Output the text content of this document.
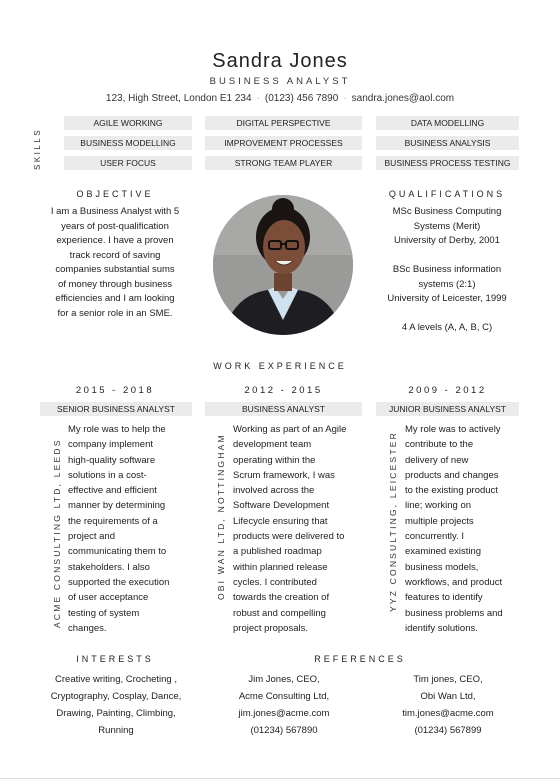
Sandra Jones
BUSINESS ANALYST
123, High Street, London E1 234 · (0123) 456 7890 · sandra.jones@aol.com
SKILLS
AGILE WORKING	DIGITAL PERSPECTIVE	DATA MODELLING
BUSINESS MODELLING	IMPROVEMENT PROCESSES	BUSINESS ANALYSIS
USER FOCUS	STRONG TEAM PLAYER	BUSINESS PROCESS TESTING
OBJECTIVE
I am a Business Analyst with 5
years of post-qualification
experience. I have a proven
track record of saving
companies substantial sums
of money through business
efficiencies and I am looking
for a senior role in an SME.
QUALIFICATIONS
MSc Business Computing
Systems (Merit)
University of Derby, 2001
BSc Business information
systems (2:1)
University of Leicester, 1999
4 A levels (A, A, B, C)
WORK EXPERIENCE
2015 - 2018
SENIOR BUSINESS ANALYST
ACME CONSULTING LTD, LEEDS
My role was to help the
company implement
high-quality software
solutions in a cost-
effective and efficient
manner by determining
the requirements of a
project and
communicating them to
stakeholders. I also
supported the execution
of user acceptance
testing of system
changes.
2012 - 2015
BUSINESS ANALYST
OBI WAN LTD, NOTTINGHAM
Working as part of an Agile
development team
operating within the
Scrum framework, I was
involved across the
Software Development
Lifecycle ensuring that
products were delivered to
a published roadmap
within planned release
cycles. I contributed
towards the creation of
robust and compelling
project proposals.
2009 - 2012
JUNIOR BUSINESS ANALYST
YYZ CONSULTING, LEICESTER
My role was to actively
contribute to the
delivery of new
products and changes
to the existing product
line; working on
multiple projects
concurrently. I
examined existing
business models,
workflows, and product
features to identify
business problems and
identify solutions.
INTERESTS
Creative writing, Crocheting ,
Cryptography, Cosplay, Dance,
Drawing, Painting, Climbing,
Running
REFERENCES
Jim Jones, CEO,
Acme Consulting Ltd,
jim.jones@acme.com
(01234) 567890
Tim jones, CEO,
Obi Wan Ltd,
tim.jones@acme.com
(01234) 567899
